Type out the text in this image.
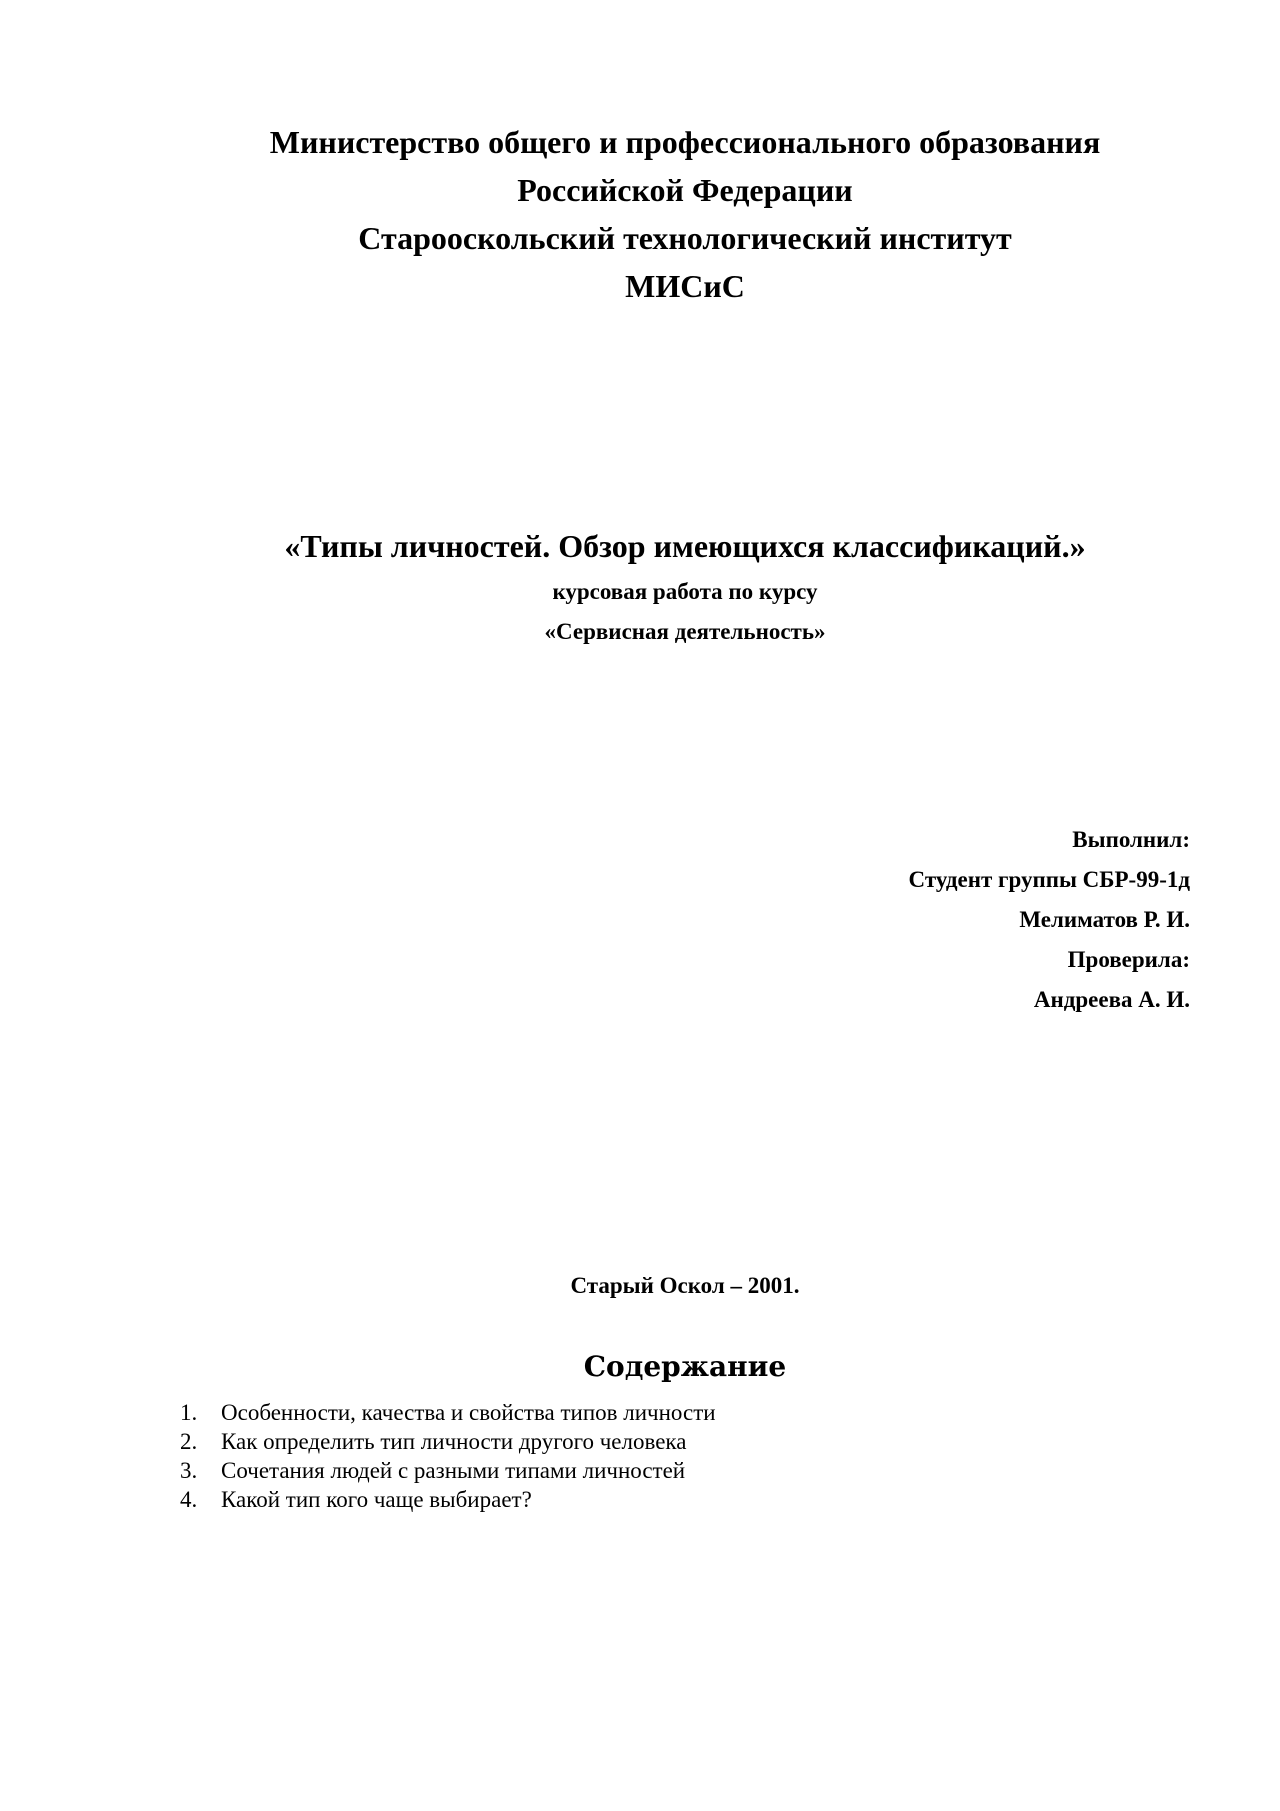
Министерство общего и профессионального образования
Российской Федерации
Старооскольский технологический институт
МИСиС
«Типы личностей. Обзор имеющихся классификаций.»
курсовая работа по курсу
«Сервисная деятельность»
Выполнил:
Студент группы СБР-99-1д
Мелиматов Р. И.
Проверила:
Андреева А. И.
Старый Оскол – 2001.
Содержание
1.	Особенности, качества и свойства типов личности
2.	Как определить тип личности другого человека
3.	Сочетания людей с разными типами личностей
4.	Какой тип кого чаще выбирает?
